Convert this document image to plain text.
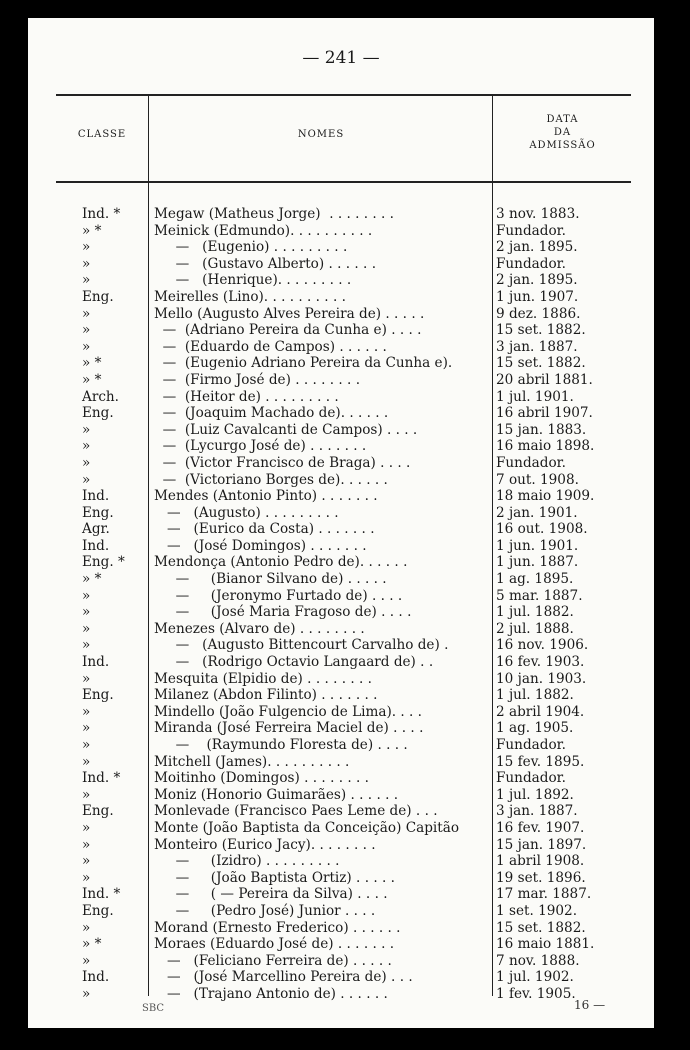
— 241 —
CLASSE	NOMES
DATA
DA
ADMISSÃO
Ind. *	Megaw (Matheus Jorge)  . . . . . . . .	3 nov. 1883.
» *	Meinick (Edmundo). . . . . . . . . .	Fundador.
»	—   (Eugenio) . . . . . . . . .	2 jan. 1895.
»	—   (Gustavo Alberto) . . . . . .	Fundador.
»	—   (Henrique). . . . . . . . .	2 jan. 1895.
Eng.	Meirelles (Lino). . . . . . . . . .	1 jun. 1907.
»	Mello (Augusto Alves Pereira de) . . . . .	9 dez. 1886.
»	—  (Adriano Pereira da Cunha e) . . . .	15 set. 1882.
»	—  (Eduardo de Campos) . . . . . .	3 jan. 1887.
» *	—  (Eugenio Adriano Pereira da Cunha e).	15 set. 1882.
» *	—  (Firmo José de) . . . . . . . .	20 abril 1881.
Arch.	—  (Heitor de) . . . . . . . . .	1 jul. 1901.
Eng.	—  (Joaquim Machado de). . . . . .	16 abril 1907.
»	—  (Luiz Cavalcanti de Campos) . . . .	15 jan. 1883.
»	—  (Lycurgo José de) . . . . . . .	16 maio 1898.
»	—  (Victor Francisco de Braga) . . . .	Fundador.
»	—  (Victoriano Borges de). . . . . .	7 out. 1908.
Ind.	Mendes (Antonio Pinto) . . . . . . .	18 maio 1909.
Eng.	—   (Augusto) . . . . . . . . .	2 jan. 1901.
Agr.	—   (Eurico da Costa) . . . . . . .	16 out. 1908.
Ind.	—   (José Domingos) . . . . . . .	1 jun. 1901.
Eng. *	Mendonça (Antonio Pedro de). . . . . .	1 jun. 1887.
» *	—     (Bianor Silvano de) . . . . .	1 ag. 1895.
»	—     (Jeronymo Furtado de) . . . .	5 mar. 1887.
»	—     (José Maria Fragoso de) . . . .	1 jul. 1882.
»	Menezes (Alvaro de) . . . . . . . .	2 jul. 1888.
»	—   (Augusto Bittencourt Carvalho de) .	16 nov. 1906.
Ind.	—   (Rodrigo Octavio Langaard de) . .	16 fev. 1903.
»	Mesquita (Elpidio de) . . . . . . . .	10 jan. 1903.
Eng.	Milanez (Abdon Filinto) . . . . . . .	1 jul. 1882.
»	Mindello (João Fulgencio de Lima). . . .	2 abril 1904.
»	Miranda (José Ferreira Maciel de) . . . .	1 ag. 1905.
»	—    (Raymundo Floresta de) . . . .	Fundador.
»	Mitchell (James). . . . . . . . . .	15 fev. 1895.
Ind. *	Moitinho (Domingos) . . . . . . . .	Fundador.
»	Moniz (Honorio Guimarães) . . . . . .	1 jul. 1892.
Eng.	Monlevade (Francisco Paes Leme de) . . .	3 jan. 1887.
»	Monte (João Baptista da Conceição) Capitão	16 fev. 1907.
»	Monteiro (Eurico Jacy). . . . . . . .	15 jan. 1897.
»	—     (Izidro) . . . . . . . . .	1 abril 1908.
»	—     (João Baptista Ortiz) . . . . .	19 set. 1896.
Ind. *	—     ( — Pereira da Silva) . . . .	17 mar. 1887.
Eng.	—     (Pedro José) Junior . . . .	1 set. 1902.
»	Morand (Ernesto Frederico) . . . . . .	15 set. 1882.
» *	Moraes (Eduardo José de) . . . . . . .	16 maio 1881.
»	—   (Feliciano Ferreira de) . . . . .	7 nov. 1888.
Ind.	—   (José Marcellino Pereira de) . . .	1 jul. 1902.
»	—   (Trajano Antonio de) . . . . . .	1 fev. 1905.
SBC	16 —
